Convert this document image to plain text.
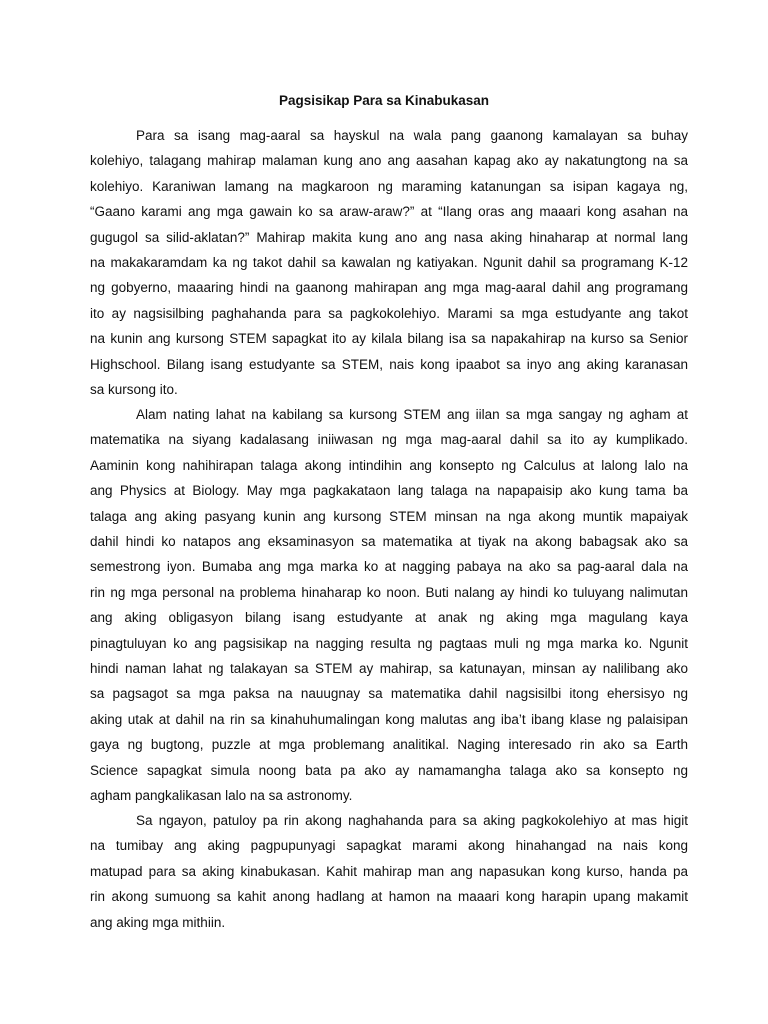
Pagsisikap Para sa Kinabukasan
Para sa isang mag-aaral sa hayskul na wala pang gaanong kamalayan sa buhay
kolehiyo, talagang mahirap malaman kung ano ang aasahan kapag ako ay nakatungtong na sa
kolehiyo. Karaniwan lamang na magkaroon ng maraming katanungan sa isipan kagaya ng,
“Gaano karami ang mga gawain ko sa araw-araw?” at “Ilang oras ang maaari kong asahan na
gugugol sa silid-aklatan?” Mahirap makita kung ano ang nasa aking hinaharap at normal lang
na makakaramdam ka ng takot dahil sa kawalan ng katiyakan. Ngunit dahil sa programang K-12
ng gobyerno, maaaring hindi na gaanong mahirapan ang mga mag-aaral dahil ang programang
ito ay nagsisilbing paghahanda para sa pagkokolehiyo. Marami sa mga estudyante ang takot
na kunin ang kursong STEM sapagkat ito ay kilala bilang isa sa napakahirap na kurso sa Senior
Highschool. Bilang isang estudyante sa STEM, nais kong ipaabot sa inyo ang aking karanasan
sa kursong ito.
Alam nating lahat na kabilang sa kursong STEM ang iilan sa mga sangay ng agham at
matematika na siyang kadalasang iniiwasan ng mga mag-aaral dahil sa ito ay kumplikado.
Aaminin kong nahihirapan talaga akong intindihin ang konsepto ng Calculus at lalong lalo na
ang Physics at Biology. May mga pagkakataon lang talaga na napapaisip ako kung tama ba
talaga ang aking pasyang kunin ang kursong STEM minsan na nga akong muntik mapaiyak
dahil hindi ko natapos ang eksaminasyon sa matematika at tiyak na akong babagsak ako sa
semestrong iyon. Bumaba ang mga marka ko at nagging pabaya na ako sa pag-aaral dala na
rin ng mga personal na problema hinaharap ko noon. Buti nalang ay hindi ko tuluyang nalimutan
ang aking obligasyon bilang isang estudyante at anak ng aking mga magulang kaya
pinagtuluyan ko ang pagsisikap na nagging resulta ng pagtaas muli ng mga marka ko. Ngunit
hindi naman lahat ng talakayan sa STEM ay mahirap, sa katunayan, minsan ay nalilibang ako
sa pagsagot sa mga paksa na nauugnay sa matematika dahil nagsisilbi itong ehersisyo ng
aking utak at dahil na rin sa kinahuhumalingan kong malutas ang iba’t ibang klase ng palaisipan
gaya ng bugtong, puzzle at mga problemang analitikal. Naging interesado rin ako sa Earth
Science sapagkat simula noong bata pa ako ay namamangha talaga ako sa konsepto ng
agham pangkalikasan lalo na sa astronomy.
Sa ngayon, patuloy pa rin akong naghahanda para sa aking pagkokolehiyo at mas higit
na tumibay ang aking pagpupunyagi sapagkat marami akong hinahangad na nais kong
matupad para sa aking kinabukasan. Kahit mahirap man ang napasukan kong kurso, handa pa
rin akong sumuong sa kahit anong hadlang at hamon na maaari kong harapin upang makamit
ang aking mga mithiin.
